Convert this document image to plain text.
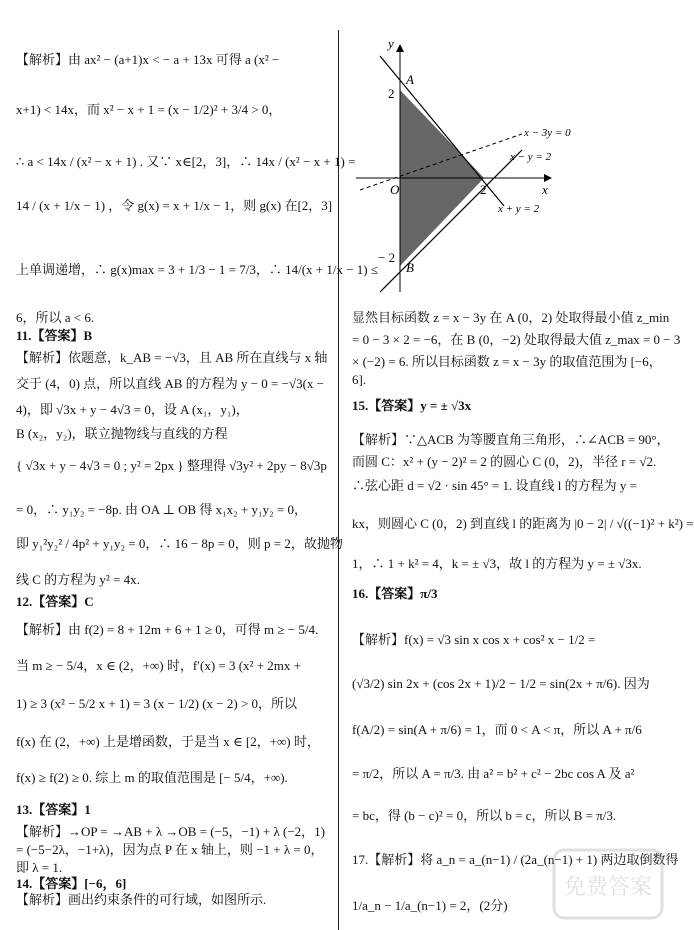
【解析】由 ax² − (a+1)x < − a + 13x 可得 a (x² −
x+1) < 14x，而 x² − x + 1 = (x − 1/2)² + 3/4 > 0，
∴ a < 14x / (x² − x + 1) . 又∵ x∈[2，3]，∴ 14x / (x² − x + 1) =
14 / (x + 1/x − 1) ，令 g(x) = x + 1/x − 1，则 g(x) 在[2，3]
上单调递增，∴ g(x)max = 3 + 1/3 − 1 = 7/3，∴ 14/(x + 1/x − 1) ≤
6，所以 a < 6.
11.【答案】B
【解析】依题意，k_AB = −√3，且 AB 所在直线与 x 轴
交于 (4，0) 点，所以直线 AB 的方程为 y − 0 = −√3(x −
4)，即 √3x + y − 4√3 = 0，设 A (x₁，y₁)，
B (x₂，y₂)，联立抛物线与直线的方程
{ √3x + y − 4√3 = 0 ; y² = 2px } 整理得 √3y² + 2py − 8√3p
= 0，∴ y₁y₂ = −8p. 由 OA ⊥ OB 得 x₁x₂ + y₁y₂ = 0，
即 y₁²y₂² / 4p² + y₁y₂ = 0，∴ 16 − 8p = 0，则 p = 2，故抛物
线 C 的方程为 y² = 4x.
12.【答案】C
【解析】由 f(2) = 8 + 12m + 6 + 1 ≥ 0，可得 m ≥ − 5/4.
当 m ≥ − 5/4，x ∈ (2，+∞) 时，f′(x) = 3 (x² + 2mx +
1) ≥ 3 (x² − 5/2 x + 1) = 3 (x − 1/2) (x − 2) > 0，所以
f(x) 在 (2，+∞) 上是增函数，于是当 x ∈ [2，+∞) 时，
f(x) ≥ f(2) ≥ 0. 综上 m 的取值范围是 [− 5/4，+∞).
13.【答案】1
【解析】→OP = →AB + λ →OB = (−5，−1) + λ (−2，1)
= (−5−2λ，−1+λ)，因为点 P 在 x 轴上，则 −1 + λ = 0，
即 λ = 1.
14.【答案】[−6，6]
【解析】画出约束条件的可行域，如图所示.
y
x
O
2
− 2
2
A
B
x − 3y = 0
x − y = 2
x + y = 2
显然目标函数 z = x − 3y 在 A (0，2) 处取得最小值 z_min
= 0 − 3 × 2 = −6，在 B (0，−2) 处取得最大值 z_max = 0 − 3
× (−2) = 6. 所以目标函数 z = x − 3y 的取值范围为 [−6，
6].
15.【答案】y = ± √3x
【解析】∵△ACB 为等腰直角三角形，∴∠ACB = 90°，
而圆 C：x² + (y − 2)² = 2 的圆心 C (0，2)，半径 r = √2.
∴弦心距 d = √2 · sin 45° = 1. 设直线 l 的方程为 y =
kx，则圆心 C (0，2) 到直线 l 的距离为 |0 − 2| / √((−1)² + k²) =
1，∴ 1 + k² = 4，k = ± √3，故 l 的方程为 y = ± √3x.
16.【答案】π/3
【解析】f(x) = √3 sin x cos x + cos² x − 1/2 =
(√3/2) sin 2x + (cos 2x + 1)/2 − 1/2 = sin(2x + π/6). 因为
f(A/2) = sin(A + π/6) = 1，而 0 < A < π，所以 A + π/6
= π/2，所以 A = π/3. 由 a² = b² + c² − 2bc cos A 及 a²
= bc，得 (b − c)² = 0，所以 b = c，所以 B = π/3.
17.【解析】将 a_n = a_(n−1) / (2a_(n−1) + 1) 两边取倒数得
1/a_n − 1/a_(n−1) = 2，(2分)
免费答案
